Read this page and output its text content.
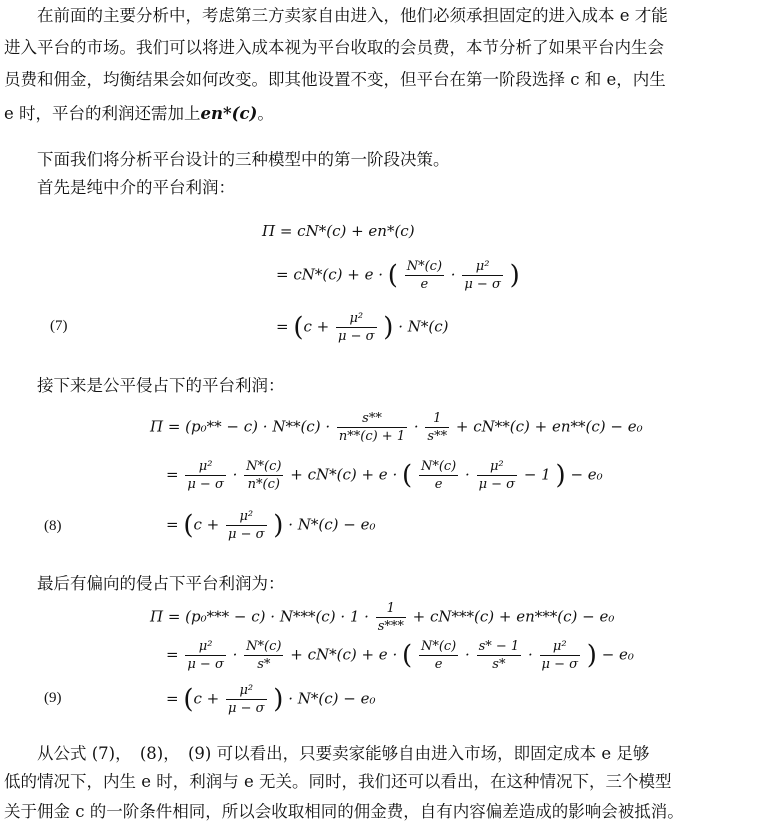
　　在前面的主要分析中，考虑第三方卖家自由进入，他们必须承担固定的进入成本 e 才能
进入平台的市场。我们可以将进入成本视为平台收取的会员费，本节分析了如果平台内生会
员费和佣金，均衡结果会如何改变。即其他设置不变，但平台在第一阶段选择 c 和 e，内生
e 时，平台的利润还需加上en*(c)。
　　下面我们将分析平台设计的三种模型中的第一阶段决策。
　　首先是纯中介的平台利润：
Π = cN*(c) + en*(c)
= cN*(c) + e · ( $\frac{N*(c)}{e} \cdot \frac{\text{μ²}}{\mu - \sigma}$ )
(7)	= ($c + \frac{\text{μ²}}{\mu - \sigma}$ ) · N*(c)
　　接下来是公平侵占下的平台利润：
$\Pi = (p_0** - c) \cdot N**(c) \cdot \frac{s**}{n**(c) + 1} \cdot \frac{1}{s**} + cN**(c) + en**(c) - e_0$
= $\frac{\text{μ²}}{\mu - \sigma} \cdot \frac{N*(c)}{n*(c)} + cN*(c) + e$ · ( $\frac{N*(c)}{e} \cdot \frac{\text{μ²}}{\mu - \sigma} - 1$ ) − e₀
(8)	= ($c + \frac{\text{μ²}}{\mu - \sigma}$ ) · N*(c) − e₀
　　最后有偏向的侵占下平台利润为：
$\Pi = (p_0*** - c) \cdot N***(c) \cdot 1 \cdot \frac{1}{s***} + cN***(c) + en***(c) - e_0$
= $\frac{\text{μ²}}{\mu - \sigma} \cdot \frac{N*(c)}{s*} + cN*(c) + e$ · ( $\frac{N*(c)}{e} \cdot \frac{s* - 1}{s*} \cdot \frac{\text{μ²}}{\mu - \sigma}$ ) − e₀
(9)	= ($c + \frac{\text{μ²}}{\mu - \sigma}$ ) · N*(c) − e₀
　　从公式 (7)，　(8)，　(9) 可以看出，只要卖家能够自由进入市场，即固定成本 e 足够
低的情况下，内生 e 时，利润与 e 无关。同时，我们还可以看出，在这种情况下，三个模型
关于佣金 c 的一阶条件相同，所以会收取相同的佣金费，自有内容偏差造成的影响会被抵消。
